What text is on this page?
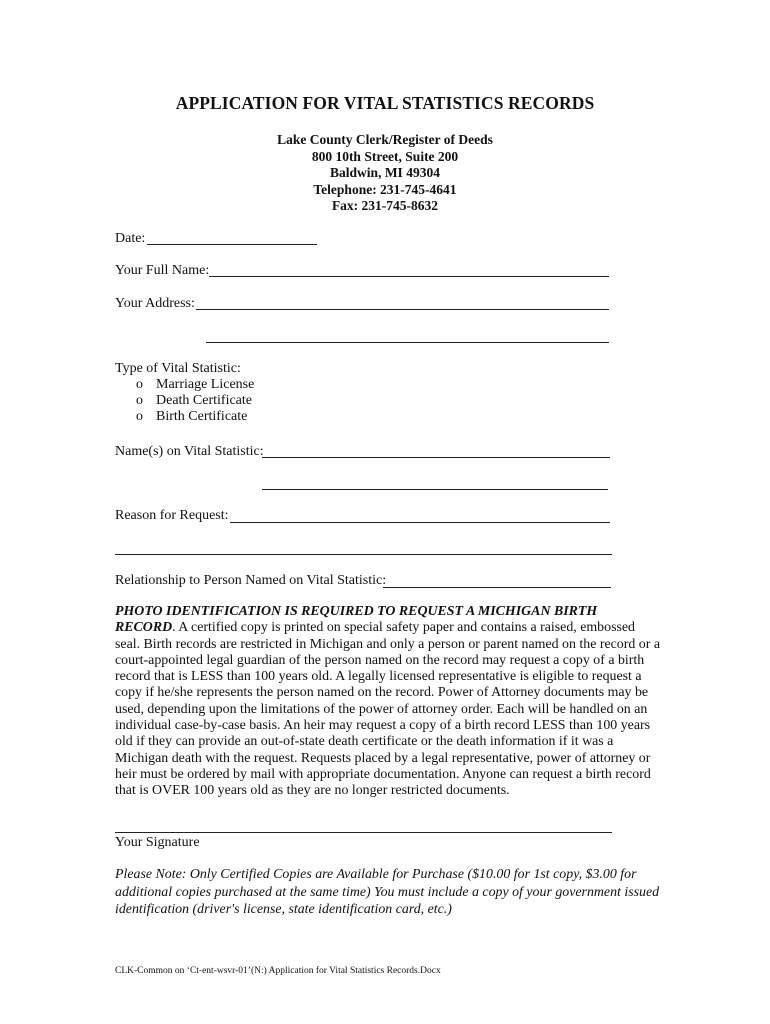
APPLICATION FOR VITAL STATISTICS RECORDS
Lake County Clerk/Register of Deeds
800 10th Street, Suite 200
Baldwin, MI 49304
Telephone: 231-745-4641
Fax: 231-745-8632
Date:
Your Full Name:
Your Address:
Type of Vital Statistic:
o Marriage License
o Death Certificate
o Birth Certificate
Name(s) on Vital Statistic:
Reason for Request:
Relationship to Person Named on Vital Statistic:
PHOTO IDENTIFICATION IS REQUIRED TO REQUEST A MICHIGAN BIRTH RECORD. A certified copy is printed on special safety paper and contains a raised, embossed seal. Birth records are restricted in Michigan and only a person or parent named on the record or a court-appointed legal guardian of the person named on the record may request a copy of a birth record that is LESS than 100 years old. A legally licensed representative is eligible to request a copy if he/she represents the person named on the record. Power of Attorney documents may be used, depending upon the limitations of the power of attorney order. Each will be handled on an individual case-by-case basis. An heir may request a copy of a birth record LESS than 100 years old if they can provide an out-of-state death certificate or the death information if it was a Michigan death with the request. Requests placed by a legal representative, power of attorney or heir must be ordered by mail with appropriate documentation. Anyone can request a birth record that is OVER 100 years old as they are no longer restricted documents.
Your Signature
Please Note: Only Certified Copies are Available for Purchase ($10.00 for 1st copy, $3.00 for additional copies purchased at the same time) You must include a copy of your government issued identification (driver's license, state identification card, etc.)
CLK-Common on ‘Ct-ent-wsvr-01’(N:) Application for Vital Statistics Records.Docx
